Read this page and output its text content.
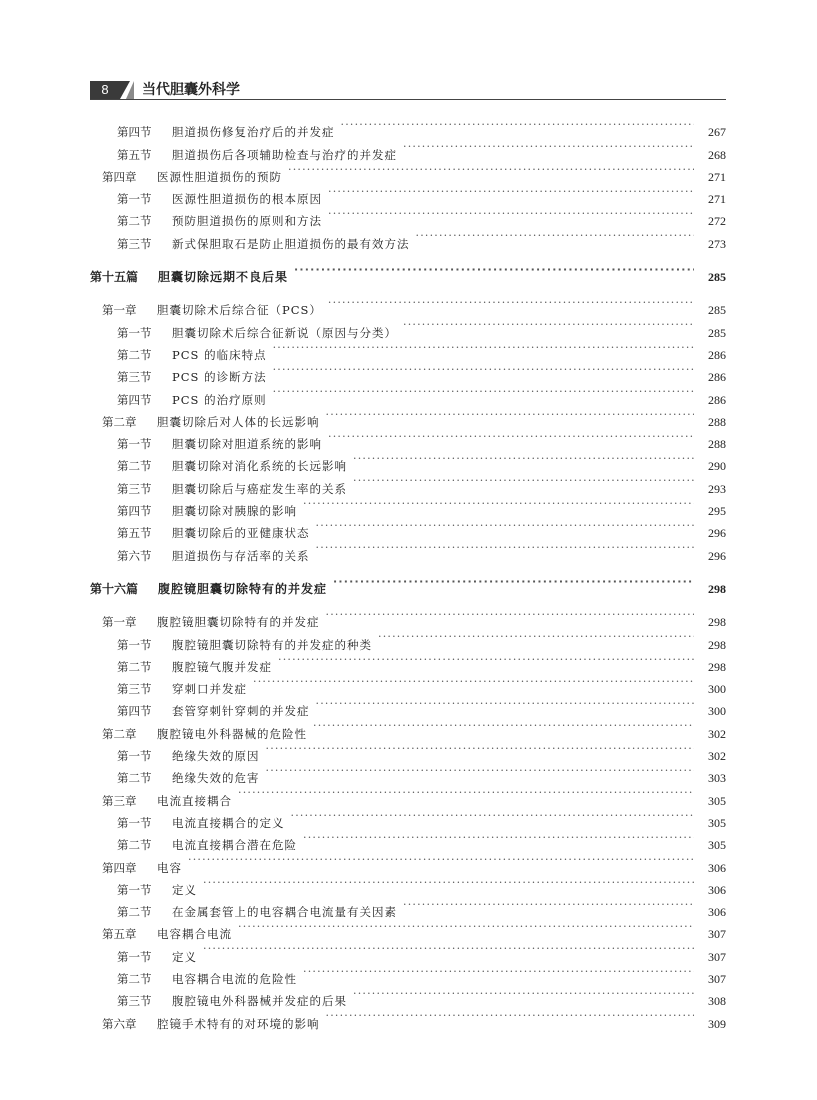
8	当代胆囊外科学
第四节	胆道损伤修复治疗后的并发症 ·····	267
第五节	胆道损伤后各项辅助检查与治疗的并发症 ·····	268
第四章	医源性胆道损伤的预防 ·····	271
第一节	医源性胆道损伤的根本原因 ·····	271
第二节	预防胆道损伤的原则和方法 ·····	272
第三节	新式保胆取石是防止胆道损伤的最有效方法 ·····	273
第十五篇	胆囊切除远期不良后果 ·····	285
第一章	胆囊切除术后综合征（PCS） ·····	285
第一节	胆囊切除术后综合征新说（原因与分类） ·····	285
第二节	PCS 的临床特点 ·····	286
第三节	PCS 的诊断方法 ·····	286
第四节	PCS 的治疗原则 ·····	286
第二章	胆囊切除后对人体的长远影响 ·····	288
第一节	胆囊切除对胆道系统的影响 ·····	288
第二节	胆囊切除对消化系统的长远影响 ·····	290
第三节	胆囊切除后与癌症发生率的关系 ·····	293
第四节	胆囊切除对胰腺的影响 ·····	295
第五节	胆囊切除后的亚健康状态 ·····	296
第六节	胆道损伤与存活率的关系 ·····	296
第十六篇	腹腔镜胆囊切除特有的并发症 ·····	298
第一章	腹腔镜胆囊切除特有的并发症 ·····	298
第一节	腹腔镜胆囊切除特有的并发症的种类 ·····	298
第二节	腹腔镜气腹并发症 ·····	298
第三节	穿刺口并发症 ·····	300
第四节	套管穿刺针穿刺的并发症 ·····	300
第二章	腹腔镜电外科器械的危险性 ·····	302
第一节	绝缘失效的原因 ·····	302
第二节	绝缘失效的危害 ·····	303
第三章	电流直接耦合 ·····	305
第一节	电流直接耦合的定义 ·····	305
第二节	电流直接耦合潜在危险 ·····	305
第四章	电容 ·····	306
第一节	定义 ·····	306
第二节	在金属套管上的电容耦合电流量有关因素 ·····	306
第五章	电容耦合电流 ·····	307
第一节	定义 ·····	307
第二节	电容耦合电流的危险性 ·····	307
第三节	腹腔镜电外科器械并发症的后果 ·····	308
第六章	腔镜手术特有的对环境的影响 ·····	309
